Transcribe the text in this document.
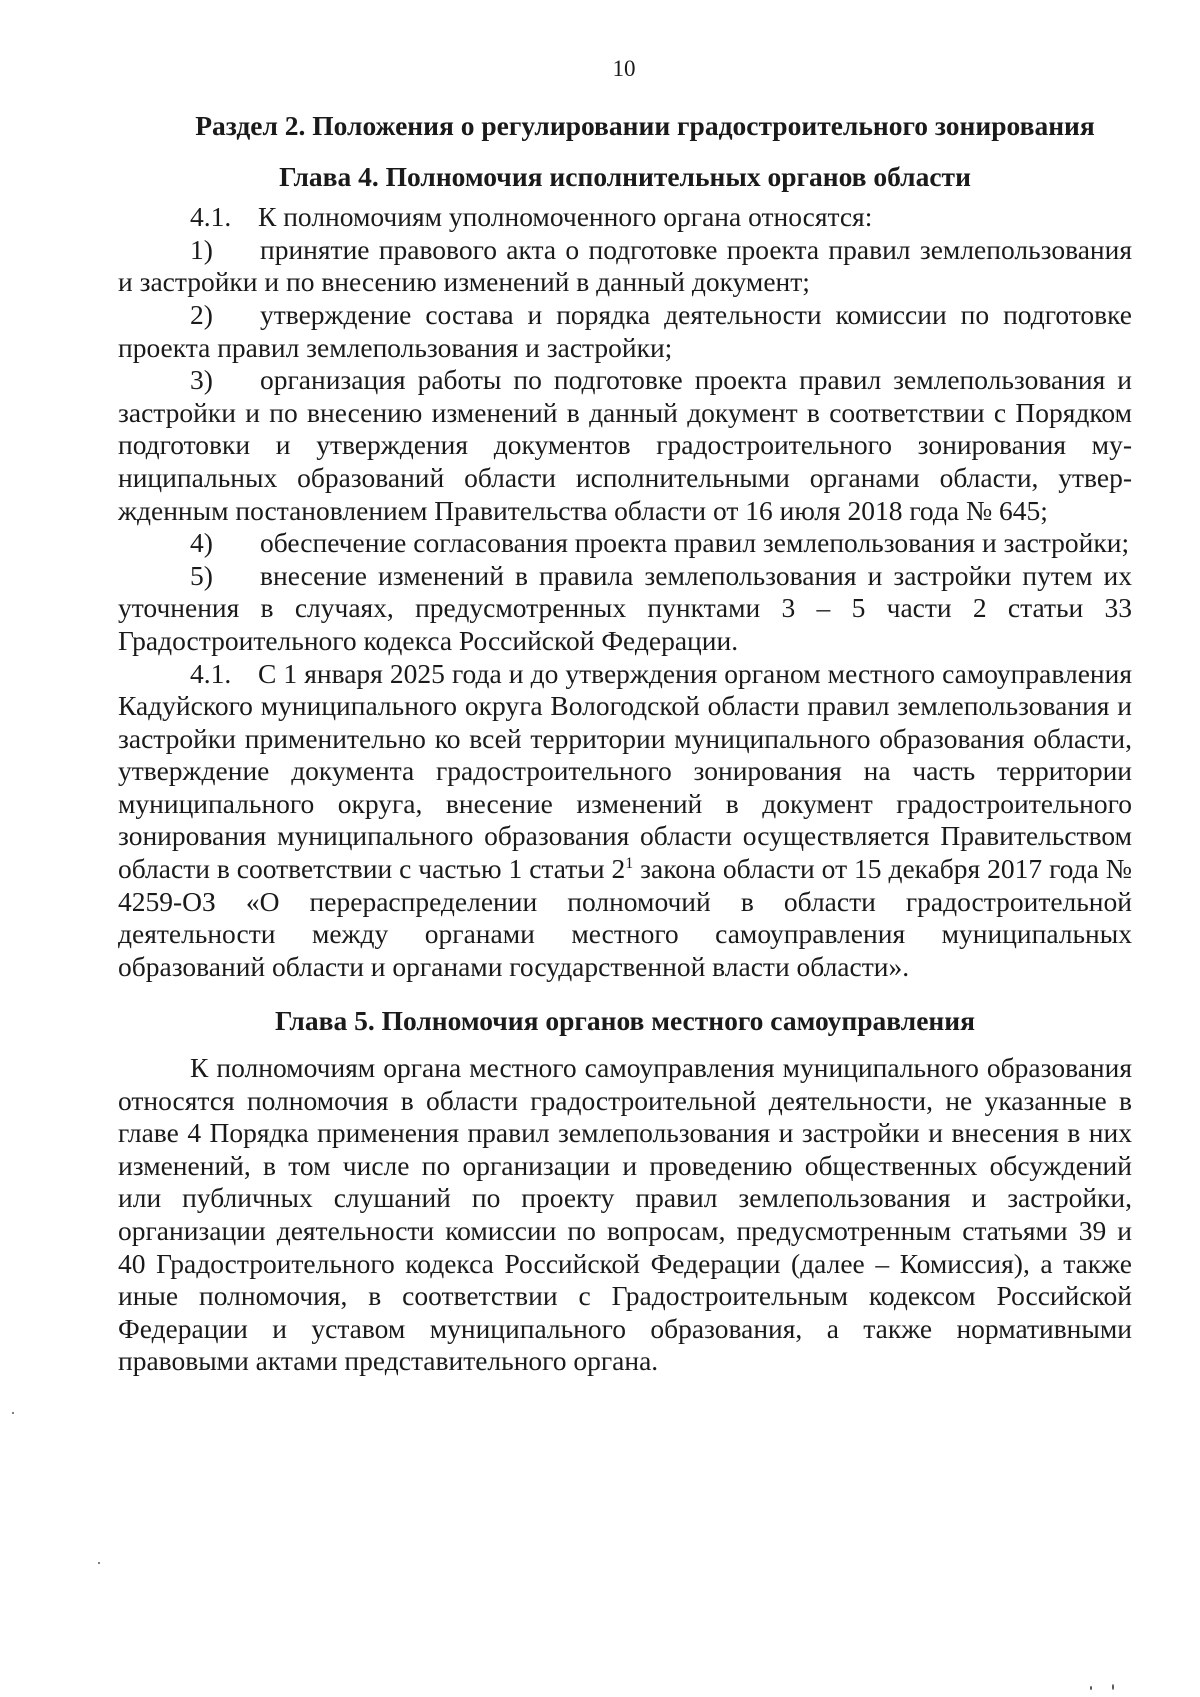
10
Раздел 2. Положения о регулировании градостроительного зонирования
Глава 4. Полномочия исполнительных органов области

4.1. К полномочиям уполномоченного органа относятся:

1) принятие правового акта о подготовке проекта правил землепользования и застройки и по внесению изменений в данный документ;

2) утверждение состава и порядка деятельности комиссии по подготовке проекта правил землепользования и застройки;

3) организация работы по подготовке проекта правил землепользования и застройки и по внесению изменений в данный документ в соответствии с Порядком подготовки и утверждения документов градостроительного зонирования муниципальных образований области исполнительными органами области, утвержденным постановлением Правительства области от 16 июля 2018 года № 645;

4) обеспечение согласования проекта правил землепользования и застройки;

5) внесение изменений в правила землепользования и застройки путем их уточнения в случаях, предусмотренных пунктами 3 – 5 части 2 статьи 33 Градостроительного кодекса Российской Федерации.

4.1. С 1 января 2025 года и до утверждения органом местного самоуправления Кадуйского муниципального округа Вологодской области правил землепользования и застройки применительно ко всей территории муниципального образования области, утверждение документа градостроительного зонирования на часть территории муниципального округа, внесение изменений в документ градостроительного зонирования муниципального образования области осуществляется Правительством области в соответствии с частью 1 статьи $2^1$ закона области от 15 декабря 2017 года № 4259-ОЗ «О перераспределении полномочий в области градостроительной деятельности между органами местного самоуправления муниципальных образований области и органами государственной власти области».

Глава 5. Полномочия органов местного самоуправления

К полномочиям органа местного самоуправления муниципального образования относятся полномочия в области градостроительной деятельности, не указанные в главе 4 Порядка применения правил землепользования и застройки и внесения в них изменений, в том числе по организации и проведению общественных обсуждений или публичных слушаний по проекту правил землепользования и застройки, организации деятельности комиссии по вопросам, предусмотренным статьями 39 и 40 Градостроительного кодекса Российской Федерации (далее – Комиссия), а также иные полномочия, в соответствии с Градостроительным кодексом Российской Федерации и уставом муниципального образования, а также нормативными правовыми актами представительного органа.
